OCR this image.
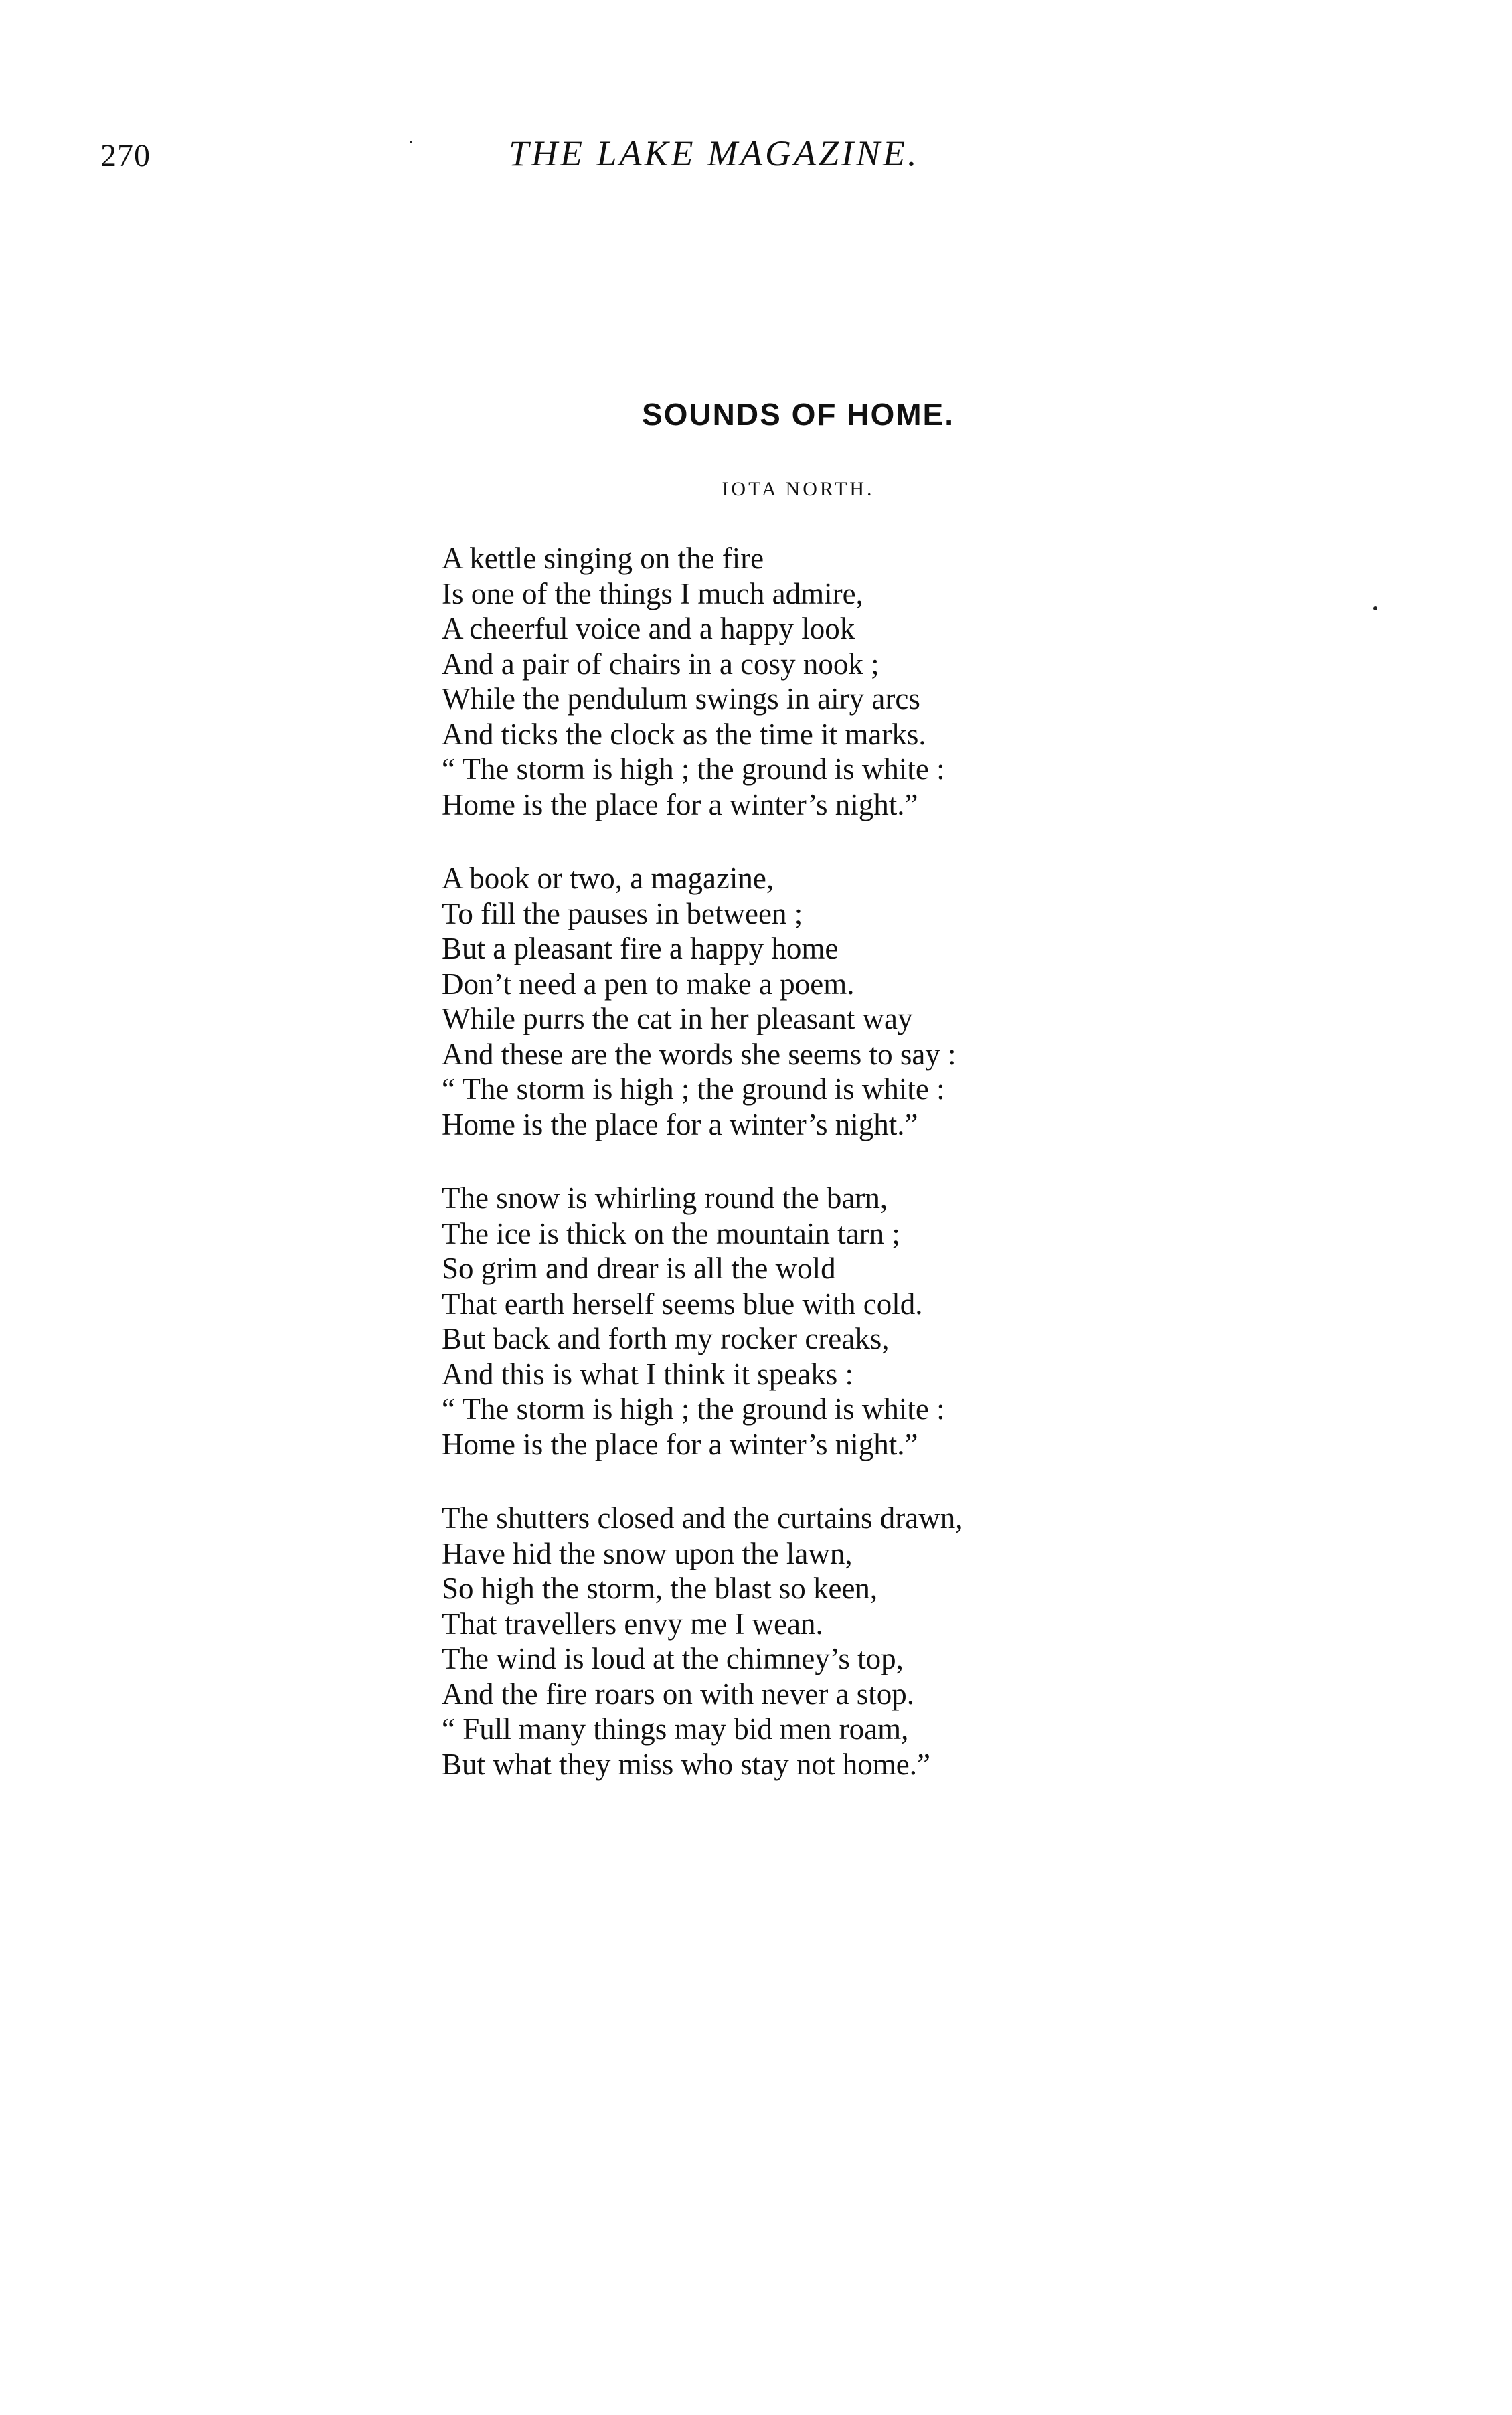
270	THE LAKE MAGAZINE.
SOUNDS OF HOME.
IOTA NORTH.
A kettle singing on the fire
Is one of the things I much admire,
A cheerful voice and a happy look
And a pair of chairs in a cosy nook ;
While the pendulum swings in airy arcs
And ticks the clock as the time it marks.
“ The storm is high ; the ground is white :
Home is the place for a winter’s night.”
A book or two, a magazine,
To fill the pauses in between ;
But a pleasant fire a happy home
Don’t need a pen to make a poem.
While purrs the cat in her pleasant way
And these are the words she seems to say :
“ The storm is high ; the ground is white :
Home is the place for a winter’s night.”
The snow is whirling round the barn,
The ice is thick on the mountain tarn ;
So grim and drear is all the wold
That earth herself seems blue with cold.
But back and forth my rocker creaks,
And this is what I think it speaks :
“ The storm is high ; the ground is white :
Home is the place for a winter’s night.”
The shutters closed and the curtains drawn,
Have hid the snow upon the lawn,
So high the storm, the blast so keen,
That travellers envy me I wean.
The wind is loud at the chimney’s top,
And the fire roars on with never a stop.
“ Full many things may bid men roam,
But what they miss who stay not home.”
